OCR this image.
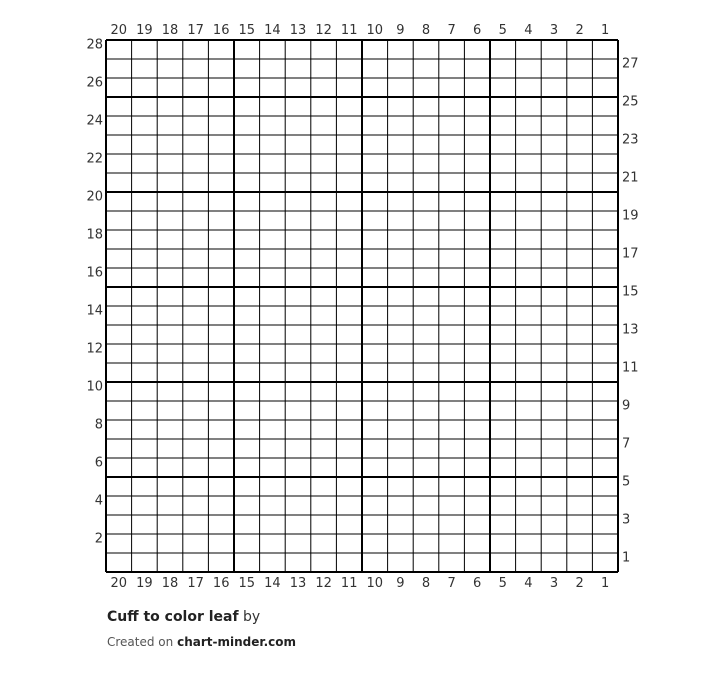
20 19 18 17 16 15 14 13 12 11 10 9 8 7 6 5 4 3 2 1
20 19 18 17 16 15 14 13 12 11 10 9 8 7 6 5 4 3 2 1
2
4
6
8
10
12
14
16
18
20
22
24
26
28
1
3
5
7
9
11
13
15
17
19
21
23
25
27
Cuff to color leaf by
Created on chart-minder.com
